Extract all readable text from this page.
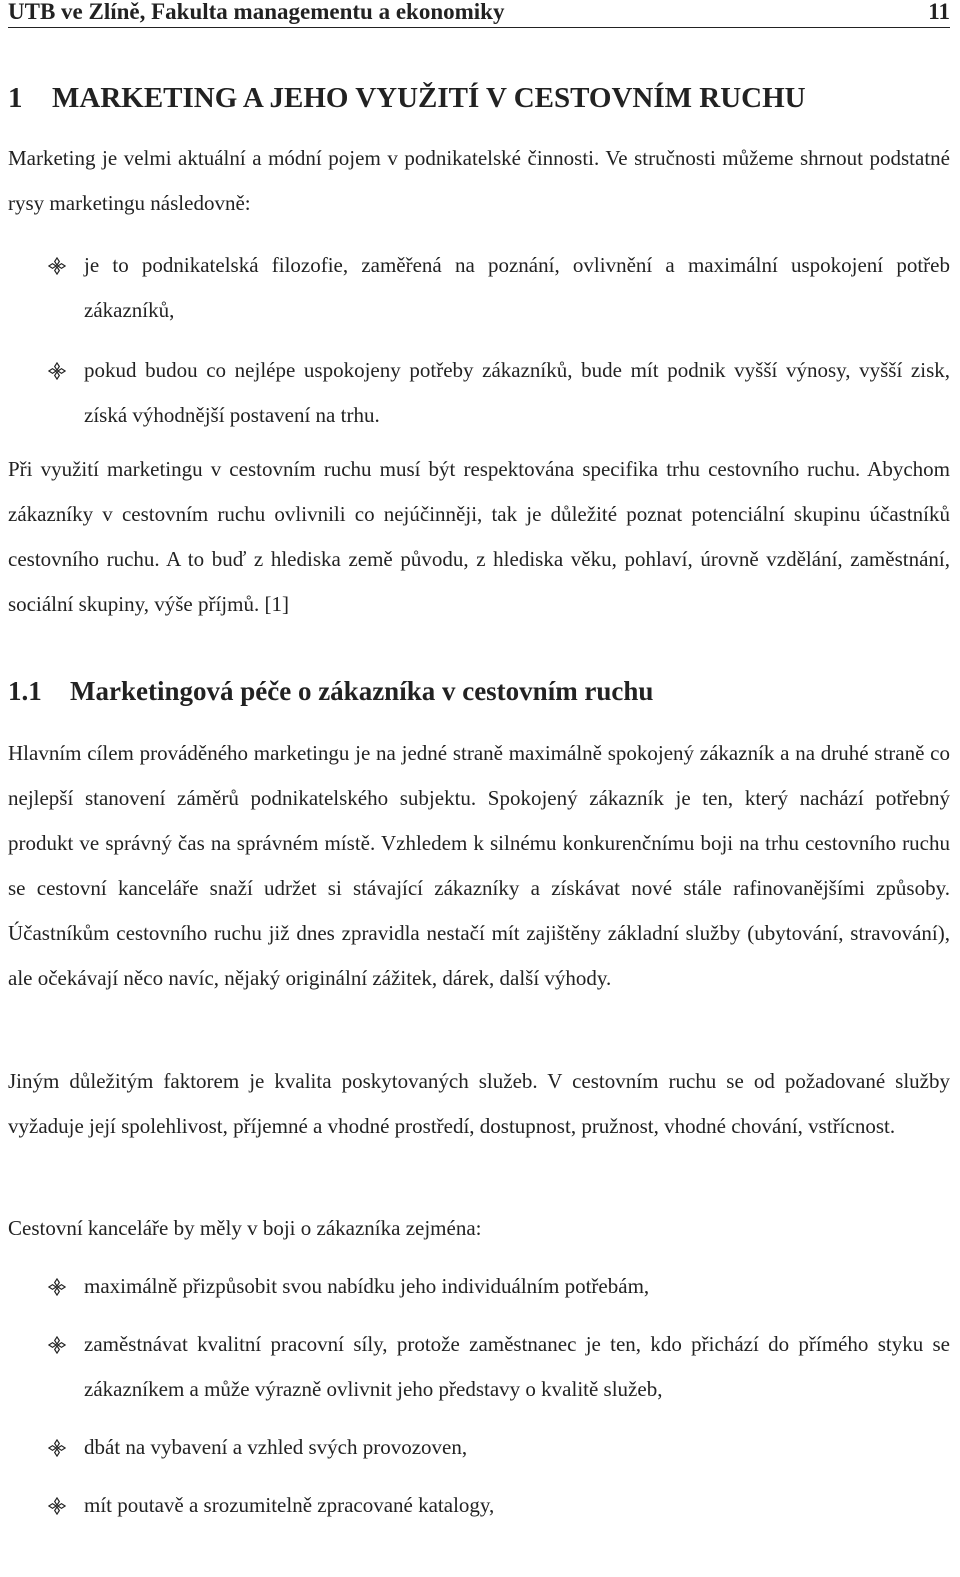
UTB ve Zlíně, Fakulta managementu a ekonomiky	11
1 MARKETING A JEHO VYUŽITÍ V CESTOVNÍM RUCHU
Marketing je velmi aktuální a módní pojem v podnikatelské činnosti. Ve stručnosti můžeme shrnout podstatné rysy marketingu následovně:
je to podnikatelská filozofie, zaměřená na poznání, ovlivnění a maximální uspokojení potřeb zákazníků,
pokud budou co nejlépe uspokojeny potřeby zákazníků, bude mít podnik vyšší výnosy, vyšší zisk, získá výhodnější postavení na trhu.
Při využití marketingu v cestovním ruchu musí být respektována specifika trhu cestovního ruchu. Abychom zákazníky v cestovním ruchu ovlivnili co nejúčinněji, tak je důležité poznat potenciální skupinu účastníků cestovního ruchu. A to buď z hlediska země původu, z hlediska věku, pohlaví, úrovně vzdělání, zaměstnání, sociální skupiny, výše příjmů. [1]
1.1 Marketingová péče o zákazníka v cestovním ruchu
Hlavním cílem prováděného marketingu je na jedné straně maximálně spokojený zákazník a na druhé straně co nejlepší stanovení záměrů podnikatelského subjektu. Spokojený zákazník je ten, který nachází potřebný produkt ve správný čas na správném místě. Vzhledem k silnému konkurenčnímu boji na trhu cestovního ruchu se cestovní kanceláře snaží udržet si stávající zákazníky a získávat nové stále rafinovanějšími způsoby. Účastníkům cestovního ruchu již dnes zpravidla nestačí mít zajištěny základní služby (ubytování, stravování), ale očekávají něco navíc, nějaký originální zážitek, dárek, další výhody.
Jiným důležitým faktorem je kvalita poskytovaných služeb. V cestovním ruchu se od požadované služby vyžaduje její spolehlivost, příjemné a vhodné prostředí, dostupnost, pružnost, vhodné chování, vstřícnost.
Cestovní kanceláře by měly v boji o zákazníka zejména:
maximálně přizpůsobit svou nabídku jeho individuálním potřebám,
zaměstnávat kvalitní pracovní síly, protože zaměstnanec je ten, kdo přichází do přímého styku se zákazníkem a může výrazně ovlivnit jeho představy o kvalitě služeb,
dbát na vybavení a vzhled svých provozoven,
mít poutavě a srozumitelně zpracované katalogy,
